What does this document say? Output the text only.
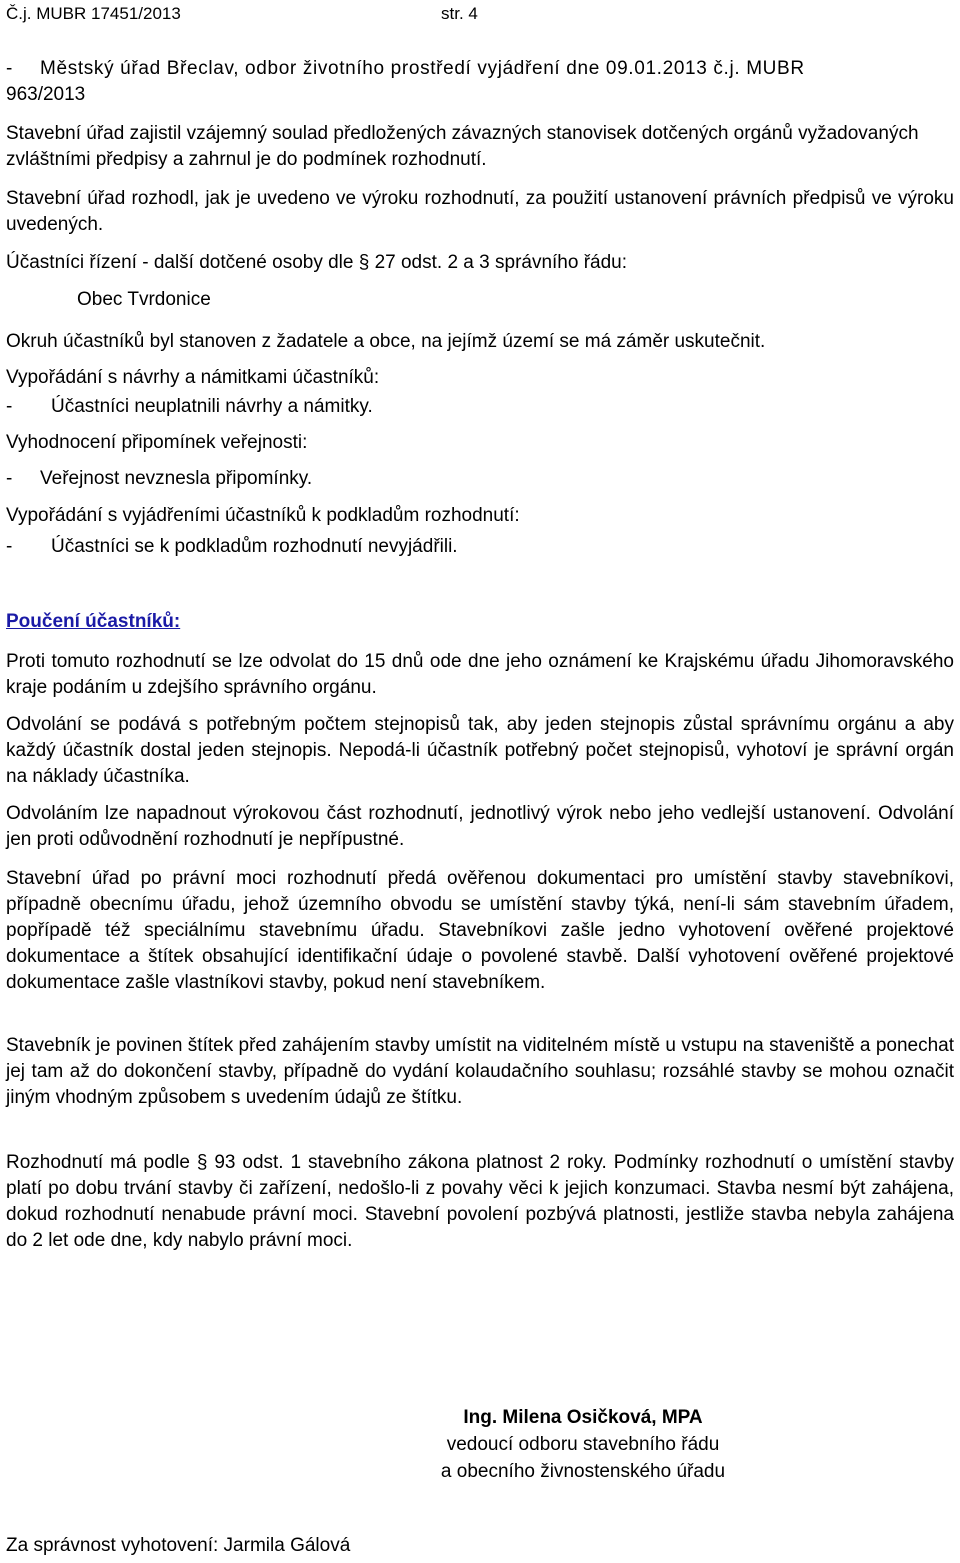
Č.j. MUBR 17451/2013	str. 4
- Městský úřad Břeclav, odbor životního prostředí vyjádření dne 09.01.2013 č.j. MUBR
963/2013
Stavební úřad zajistil vzájemný soulad předložených závazných stanovisek dotčených orgánů vyžadovaných zvláštními předpisy a zahrnul je do podmínek rozhodnutí.
Stavební úřad rozhodl, jak je uvedeno ve výroku rozhodnutí, za použití ustanovení právních předpisů ve výroku uvedených.
Účastníci řízení - další dotčené osoby dle § 27 odst. 2 a 3 správního řádu:
Obec Tvrdonice
Okruh účastníků byl stanoven z žadatele a obce, na jejímž území se má záměr uskutečnit.
Vypořádání s návrhy a námitkami účastníků:
- Účastníci neuplatnili návrhy a námitky.
Vyhodnocení připomínek veřejnosti:
- Veřejnost nevznesla připomínky.
Vypořádání s vyjádřeními účastníků k podkladům rozhodnutí:
- Účastníci se k podkladům rozhodnutí nevyjádřili.
Poučení účastníků:
Proti tomuto rozhodnutí se lze odvolat do 15 dnů ode dne jeho oznámení ke Krajskému úřadu Jihomoravského kraje podáním u zdejšího správního orgánu.
Odvolání se podává s potřebným počtem stejnopisů tak, aby jeden stejnopis zůstal správnímu orgánu a aby každý účastník dostal jeden stejnopis. Nepodá-li účastník potřebný počet stejnopisů, vyhotoví je správní orgán na náklady účastníka.
Odvoláním lze napadnout výrokovou část rozhodnutí, jednotlivý výrok nebo jeho vedlejší ustanovení. Odvolání jen proti odůvodnění rozhodnutí je nepřípustné.
Stavební úřad po právní moci rozhodnutí předá ověřenou dokumentaci pro umístění stavby stavebníkovi, případně obecnímu úřadu, jehož územního obvodu se umístění stavby týká, není-li sám stavebním úřadem, popřípadě též speciálnímu stavebnímu úřadu. Stavebníkovi zašle jedno vyhotovení ověřené projektové dokumentace a štítek obsahující identifikační údaje o povolené stavbě. Další vyhotovení ověřené projektové dokumentace zašle vlastníkovi stavby, pokud není stavebníkem.
Stavebník je povinen štítek před zahájením stavby umístit na viditelném místě u vstupu na staveniště a ponechat jej tam až do dokončení stavby, případně do vydání kolaudačního souhlasu; rozsáhlé stavby se mohou označit jiným vhodným způsobem s uvedením údajů ze štítku.
Rozhodnutí má podle § 93 odst. 1 stavebního zákona platnost 2 roky. Podmínky rozhodnutí o umístění stavby platí po dobu trvání stavby či zařízení, nedošlo-li z povahy věci k jejich konzumaci. Stavba nesmí být zahájena, dokud rozhodnutí nenabude právní moci. Stavební povolení pozbývá platnosti, jestliže stavba nebyla zahájena do 2 let ode dne, kdy nabylo právní moci.
Ing. Milena Osičková, MPA
vedoucí odboru stavebního řádu
a obecního živnostenského úřadu
Za správnost vyhotovení: Jarmila Gálová
